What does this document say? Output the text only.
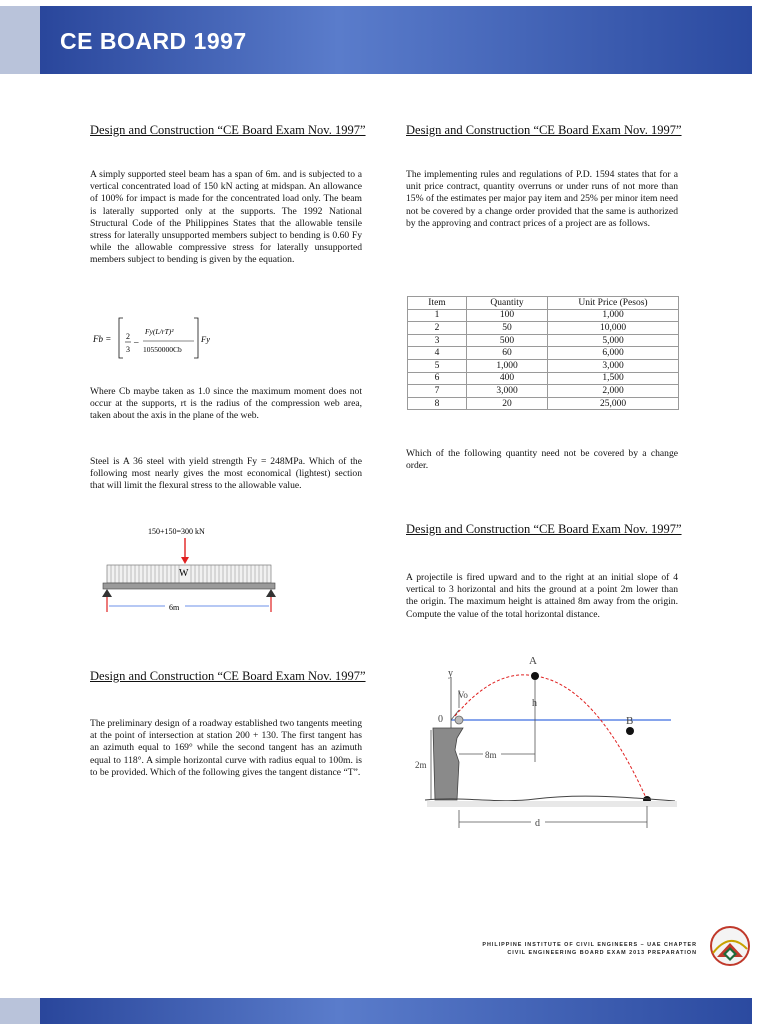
CE BOARD 1997
Design and Construction “CE Board Exam Nov. 1997”
A simply supported steel beam has a span of 6m. and is subjected to a vertical concentrated load of 150 kN acting at midspan. An allowance of 100% for impact is made for the concentrated load only. The beam is laterally supported only at the supports. The 1992 National Structural Code of the Philippines States that the allowable tensile stress for laterally unsupported members subject to bending is 0.60 Fy while the allowable compressive stress for laterally unsupported members subject to bending is given by the equation.
Fb = 2
3
–
Fy(L/rT)²
10550000Cb
Fy
Where Cb maybe taken as 1.0 since the maximum moment does not occur at the supports, rt is the radius of the compression web area, taken about the axis in the plane of the web.
Steel is A 36 steel with yield strength Fy = 248MPa. Which of the following most nearly gives the most economical (lightest) section that will limit the flexural stress to the allowable value.
150+150=300 kN
W
6m
Design and Construction “CE Board Exam Nov. 1997”
The preliminary design of a roadway established two tangents meeting at the point of intersection at station 200 + 130. The first tangent has an azimuth equal to 169° while the second tangent has an azimuth equal to 118°. A simple horizontal curve with radius equal to 100m. is to be provided. Which of the following gives the tangent distance “T”.
Design and Construction “CE Board Exam Nov. 1997”
The implementing rules and regulations of P.D. 1594 states that for a unit price contract, quantity overruns or under runs of not more than 15% of the estimates per major pay item and 25% per minor item need not be covered by a change order provided that the same is authorized by the approving and contract prices of a project are as follows.
Item	Quantity	Unit Price (Pesos)
1	100	1,000
2	50	10,000
3	500	5,000
4	60	6,000
5	1,000	3,000
6	400	1,500
7	3,000	2,000
8	20	25,000
Which of the following quantity need not be covered by a change order.
Design and Construction “CE Board Exam Nov. 1997”
A projectile is fired upward and to the right at an initial slope of 4 vertical to 3 horizontal and hits the ground at a point 2m lower than the origin. The maximum height is attained 8m away from the origin. Compute the value of the total horizontal distance.
A
B
y
Vo
h
0
8m
2m
d
PHILIPPINE INSTITUTE OF CIVIL ENGINEERS – UAE CHAPTER
CIVIL ENGINEERING BOARD EXAM 2013 PREPARATION
